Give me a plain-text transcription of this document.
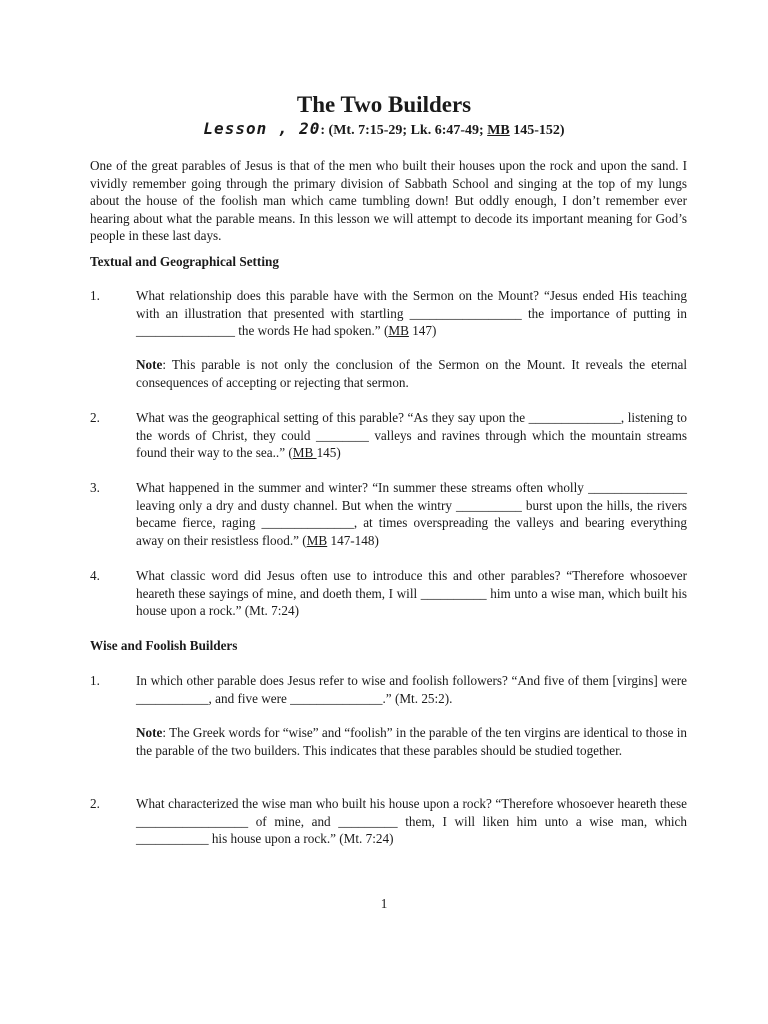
The Two Builders
Lesson , 20: (Mt. 7:15-29; Lk. 6:47-49; MB 145-152)
One of the great parables of Jesus is that of the men who built their houses upon the rock and upon the sand. I vividly remember going through the primary division of Sabbath School and singing at the top of my lungs about the house of the foolish man which came tumbling down! But oddly enough, I don’t remember ever hearing about what the parable means. In this lesson we will attempt to decode its important meaning for God’s people in these last days.
Textual and Geographical Setting
1.	What relationship does this parable have with the Sermon on the Mount? “Jesus ended His teaching with an illustration that presented with startling _________________ the importance of putting in _______________ the words He had spoken.” (MB 147)
Note: This parable is not only the conclusion of the Sermon on the Mount. It reveals the eternal consequences of accepting or rejecting that sermon.
2.	What was the geographical setting of this parable? “As they say upon the ______________, listening to the words of Christ, they could ________ valleys and ravines through which the mountain streams found their way to the sea..” (MB 145)
3.	What happened in the summer and winter? “In summer these streams often wholly _______________ leaving only a dry and dusty channel. But when the wintry __________ burst upon the hills, the rivers became fierce, raging ______________, at times overspreading the valleys and bearing everything away on their resistless flood.” (MB 147-148)
4.	What classic word did Jesus often use to introduce this and other parables? “Therefore whosoever heareth these sayings of mine, and doeth them, I will __________ him unto a wise man, which built his house upon a rock.” (Mt. 7:24)
Wise and Foolish Builders
1.	In which other parable does Jesus refer to wise and foolish followers? “And five of them [virgins] were ___________, and five were ______________.” (Mt. 25:2).
Note: The Greek words for “wise” and “foolish” in the parable of the ten virgins are identical to those in the parable of the two builders. This indicates that these parables should be studied together.
2.	What characterized the wise man who built his house upon a rock? “Therefore whosoever heareth these _________________ of mine, and _________ them, I will liken him unto a wise man, which ___________ his house upon a rock.” (Mt. 7:24)
1
